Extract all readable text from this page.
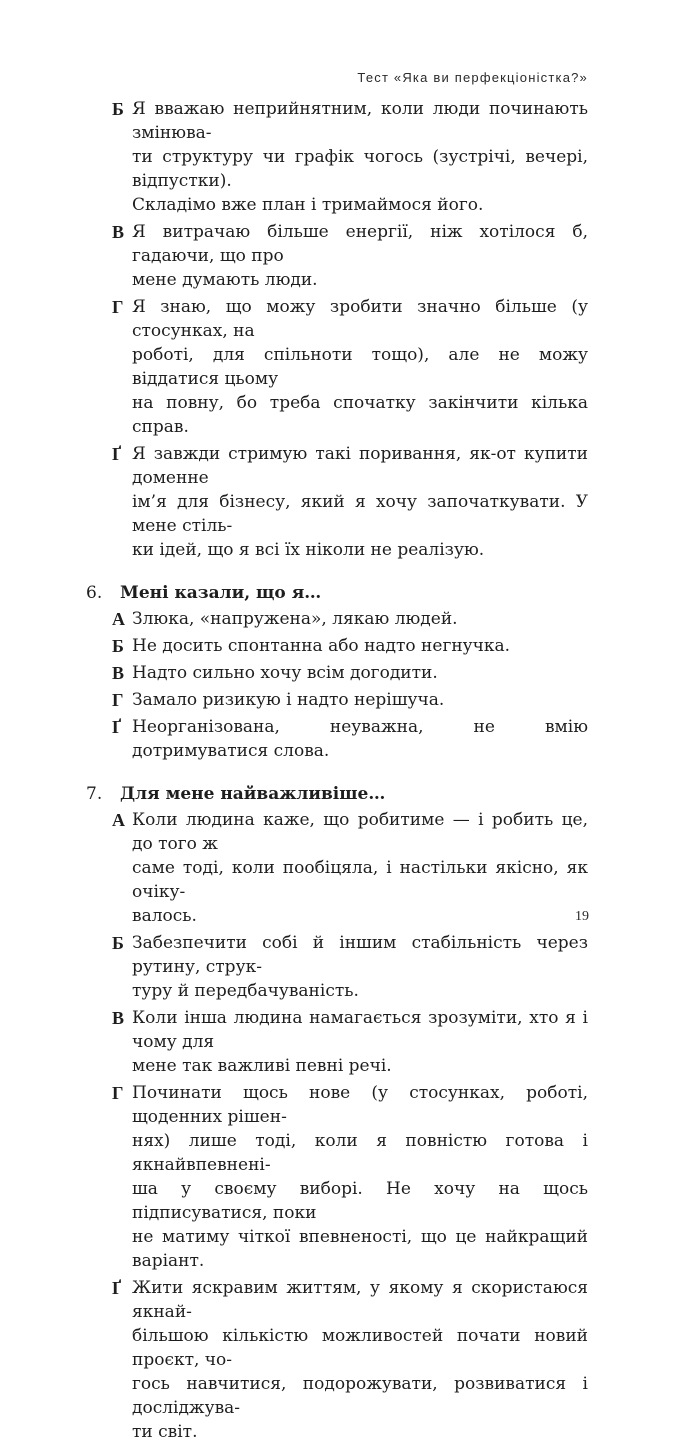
Тест «Яка ви перфекціоністка?»
Б Я вважаю неприйнятним, коли люди починають змінюва-
ти структуру чи графік чогось (зустрічі, вечері, відпустки).
Складімо вже план і тримаймося його.
В Я витрачаю більше енергії, ніж хотілося б, гадаючи, що про
мене думають люди.
Г Я знаю, що можу зробити значно більше (у стосунках, на
роботі, для спільноти тощо), але не можу віддатися цьому
на повну, бо треба спочатку закінчити кілька справ.
Ґ Я завжди стримую такі поривання, як-от купити доменне
ім’я для бізнесу, який я хочу започаткувати. У мене стіль-
ки ідей, що я всі їх ніколи не реалізую.
6. Мені казали, що я…
А Злюка, «напружена», лякаю людей.
Б Не досить спонтанна або надто негнучка.
В Надто сильно хочу всім догодити.
Г Замало ризикую і надто нерішуча.
Ґ Неорганізована, неуважна, не вмію дотримуватися слова.
7. Для мене найважливіше…
А Коли людина каже, що робитиме — і робить це, до того ж
саме тоді, коли пообіцяла, і настільки якісно, як очіку-
валось.
Б Забезпечити собі й іншим стабільність через рутину, струк-
туру й передбачуваність.
В Коли інша людина намагається зрозуміти, хто я і чому для
мене так важливі певні речі.
Г Починати щось нове (у стосунках, роботі, щоденних рішен-
нях) лише тоді, коли я повністю готова і якнайвпевнені-
ша у своєму виборі. Не хочу на щось підписуватися, поки
не матиму чіткої впевненості, що це найкращий варіант.
Ґ Жити яскравим життям, у якому я скористаюся якнай-
більшою кількістю можливостей почати новий проєкт, чо-
гось навчитися, подорожувати, розвиватися і досліджува-
ти світ.
19
